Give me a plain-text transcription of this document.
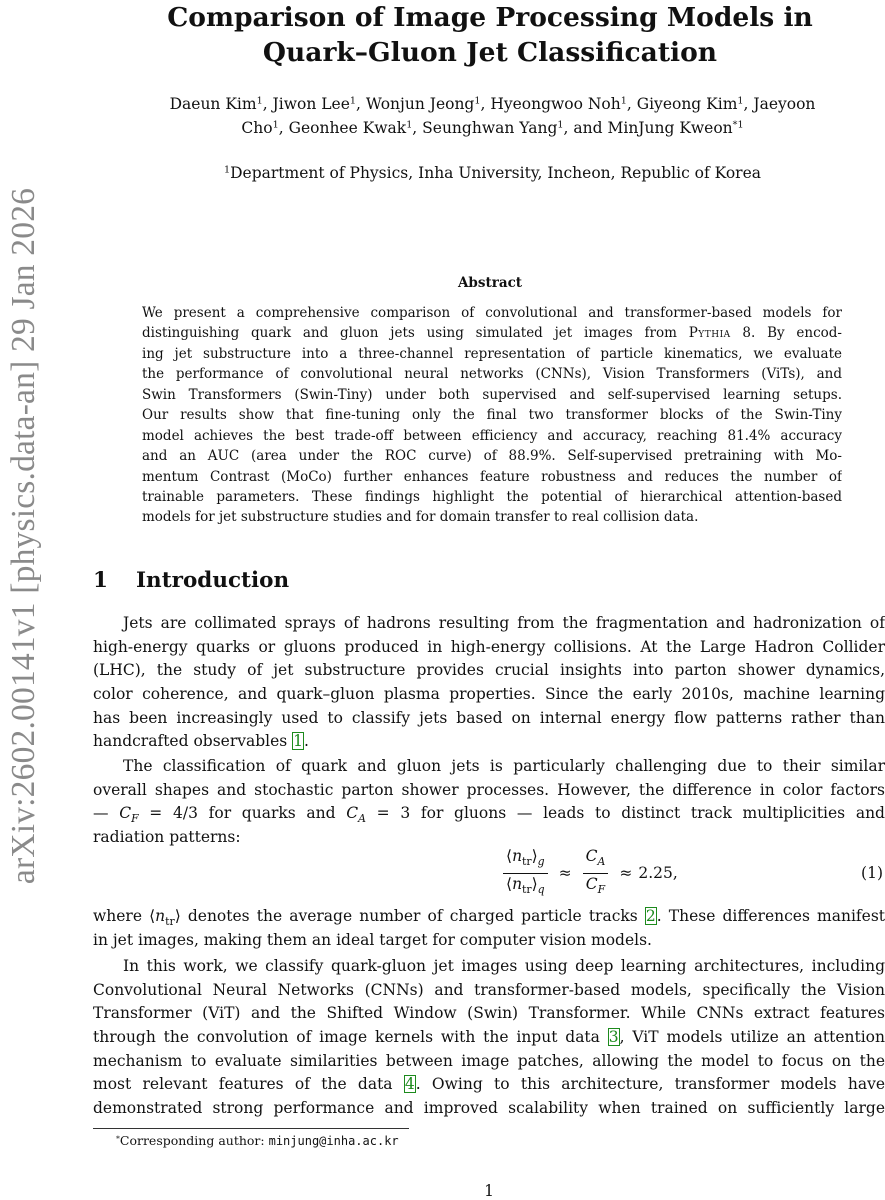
arXiv:2602.00141v1 [physics.data-an] 29 Jan 2026
Comparison of Image Processing Models in
Quark–Gluon Jet Classification
Daeun Kim$^1$, Jiwon Lee$^1$, Wonjun Jeong$^1$, Hyeongwoo Noh$^1$, Giyeong Kim$^1$, Jaeyoon
Cho$^1$, Geonhee Kwak$^1$, Seunghwan Yang$^1$, and MinJung Kweon$^{*1}$
$^1$Department of Physics, Inha University, Incheon, Republic of Korea
Abstract
We present a comprehensive comparison of convolutional and transformer-based models for
distinguishing quark and gluon jets using simulated jet images from Pythia 8. By encod-
ing jet substructure into a three-channel representation of particle kinematics, we evaluate
the performance of convolutional neural networks (CNNs), Vision Transformers (ViTs), and
Swin Transformers (Swin-Tiny) under both supervised and self-supervised learning setups.
Our results show that fine-tuning only the final two transformer blocks of the Swin-Tiny
model achieves the best trade-off between efficiency and accuracy, reaching 81.4% accuracy
and an AUC (area under the ROC curve) of 88.9%. Self-supervised pretraining with Mo-
mentum Contrast (MoCo) further enhances feature robustness and reduces the number of
trainable parameters. These findings highlight the potential of hierarchical attention-based
models for jet substructure studies and for domain transfer to real collision data.
1 Introduction
Jets are collimated sprays of hadrons resulting from the fragmentation and hadronization of
high-energy quarks or gluons produced in high-energy collisions. At the Large Hadron Collider
(LHC), the study of jet substructure provides crucial insights into parton shower dynamics,
color coherence, and quark–gluon plasma properties. Since the early 2010s, machine learning
has been increasingly used to classify jets based on internal energy flow patterns rather than
handcrafted observables 1.
The classification of quark and gluon jets is particularly challenging due to their similar
overall shapes and stochastic parton shower processes. However, the difference in color factors
— $C_F = 4/3$ for quarks and $C_A = 3$ for gluons — leads to distinct track multiplicities and
radiation patterns:
$\frac{⟨n_{tr}⟩_g}{⟨n_{tr}⟩_q} \approx \frac{C_A}{C_F} \approx 2.25$,	(1)
where $⟨n_{tr}⟩$ denotes the average number of charged particle tracks 2. These differences manifest
in jet images, making them an ideal target for computer vision models.
In this work, we classify quark-gluon jet images using deep learning architectures, including
Convolutional Neural Networks (CNNs) and transformer-based models, specifically the Vision
Transformer (ViT) and the Shifted Window (Swin) Transformer. While CNNs extract features
through the convolution of image kernels with the input data 3, ViT models utilize an attention
mechanism to evaluate similarities between image patches, allowing the model to focus on the
most relevant features of the data 4. Owing to this architecture, transformer models have
demonstrated strong performance and improved scalability when trained on sufficiently large
*Corresponding author: minjung@inha.ac.kr
1
